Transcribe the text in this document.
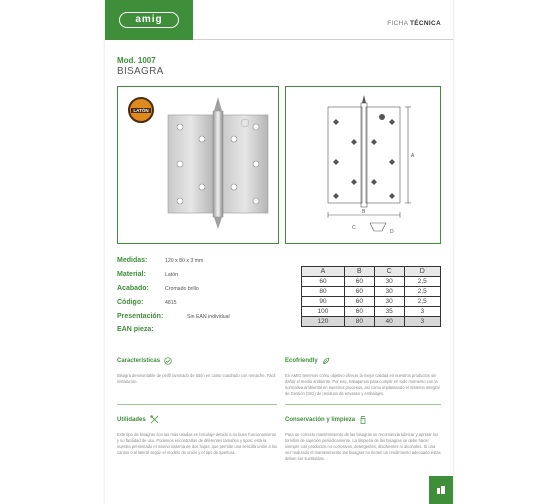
amig	FICHA TÉCNICA
Mod. 1007
BISAGRA
LATÓN
A
B
C
D
Medidas:	120 x 80 x 3 mm
Material:	Latón
Acabado:	Cromado brillo
Código:	4815
Presentación:	Sin EAN individual
EAN pieza:
A	B	C	D
60	60	30	2,5
80	60	30	2,5
90	60	30	2,5
100	60	35	3
120	80	40	3
Características
Bisagra desmontable de perfil laminado de latón en canto cuadrado con remache. Fácil instalación.
Ecofriendly
En AMIG tenemos como objetivo ofrecer la mejor calidad en nuestros productos sin dañar el medio ambiente. Por eso, trabajamos para cumplir en todo momento con la normativa ambiental en nuestros procesos, así como implantando el Sistema Integral de Gestión (SIG) de residuos de envases y embalajes.
Utilidades
Este tipo de bisagras son las más usadas en bricolaje debido a su buen funcionamiento y su facilidad de uso. Podemos encontrarlas de diferentes tamaños y tipos; está la nuestra presentado el mismo sistema de dos hojas, que permite una sencilla unión a los cantos o al lateral según el modelo de unión y el tipo de apertura.
Conservación y limpieza
Para un correcto mantenimiento de las bisagras se recomienda lubricar y apretar los tornillos de sujeción periódicamente. La limpieza de las bisagras se debe hacer siempre con productos no corrosivos, detergentes, disolventes ni alcoholes. Si una vez realizado el mantenimiento las bisagras no tienen un rendimiento adecuado éstas deben ser sustituidas.
